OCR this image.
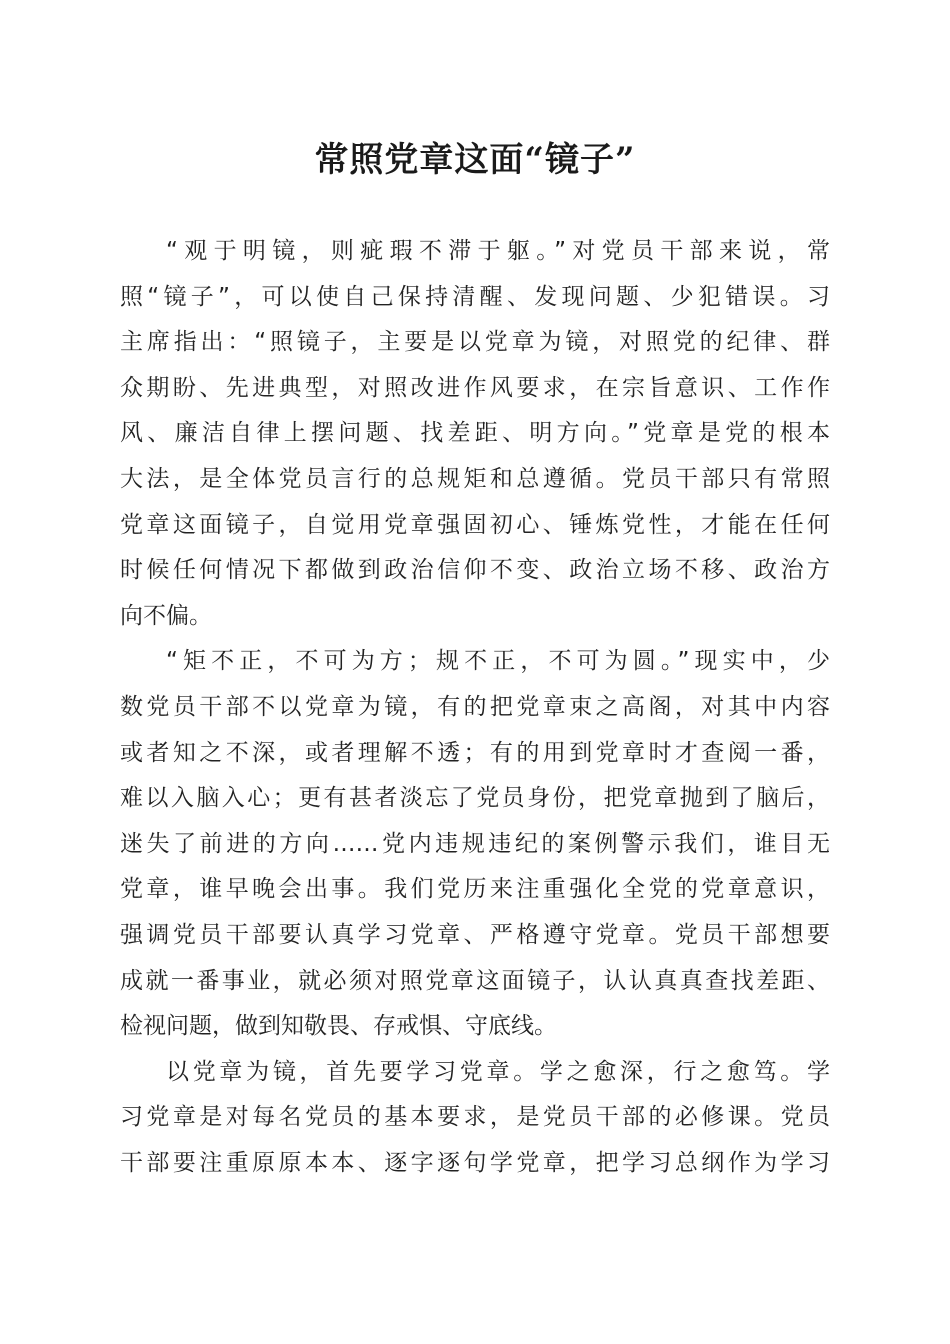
常照党章这面“镜子”

“观于明镜，则疵瑕不滞于躯。”对党员干部来说，常
照“镜子”，可以使自己保持清醒、发现问题、少犯错误。习
主席指出：“照镜子，主要是以党章为镜，对照党的纪律、群
众期盼、先进典型，对照改进作风要求，在宗旨意识、工作作
风、廉洁自律上摆问题、找差距、明方向。”党章是党的根本
大法，是全体党员言行的总规矩和总遵循。党员干部只有常照
党章这面镜子，自觉用党章强固初心、锤炼党性，才能在任何
时候任何情况下都做到政治信仰不变、政治立场不移、政治方
向不偏。

“矩不正，不可为方；规不正，不可为圆。”现实中，少
数党员干部不以党章为镜，有的把党章束之高阁，对其中内容
或者知之不深，或者理解不透；有的用到党章时才查阅一番，
难以入脑入心；更有甚者淡忘了党员身份，把党章抛到了脑后，
迷失了前进的方向……党内违规违纪的案例警示我们，谁目无
党章，谁早晚会出事。我们党历来注重强化全党的党章意识，
强调党员干部要认真学习党章、严格遵守党章。党员干部想要
成就一番事业，就必须对照党章这面镜子，认认真真查找差距、
检视问题，做到知敬畏、存戒惧、守底线。

以党章为镜，首先要学习党章。学之愈深，行之愈笃。学
习党章是对每名党员的基本要求，是党员干部的必修课。党员
干部要注重原原本本、逐字逐句学党章，把学习总纲作为学习
